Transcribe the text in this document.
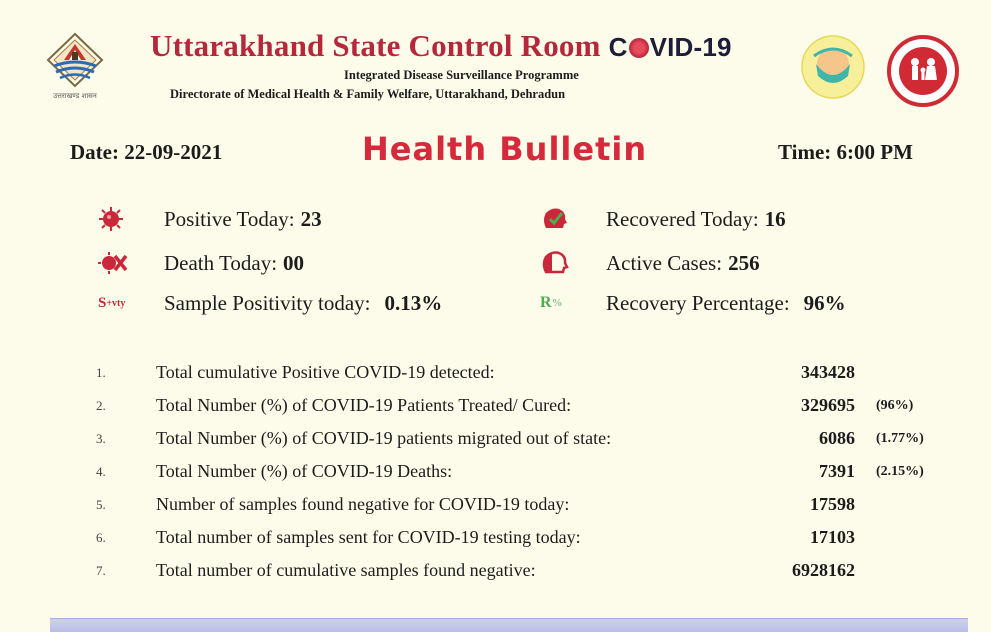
उत्तराखण्ड शासन
Uttarakhand State Control Room C VID-19
Integrated Disease Surveillance Programme
Directorate of Medical Health & Family Welfare, Uttarakhand, Dehradun
Date: 22-09-2021	Health Bulletin	Time: 6:00 PM
Positive Today: 23	Recovered Today: 16
Death Today: 00	Active Cases: 256
S +vty Sample Positivity today: 0.13%	R % Recovery Percentage: 96%
1.	Total cumulative Positive COVID-19 detected:	343428
2.	Total Number (%) of COVID-19 Patients Treated/ Cured:	329695 (96%)
3.	Total Number (%) of COVID-19 patients migrated out of state:	6086 (1.77%)
4.	Total Number (%) of COVID-19 Deaths:	7391 (2.15%)
5.	Number of samples found negative for COVID-19 today:	17598
6.	Total number of samples sent for COVID-19 testing today:	17103
7.	Total number of cumulative samples found negative:	6928162
